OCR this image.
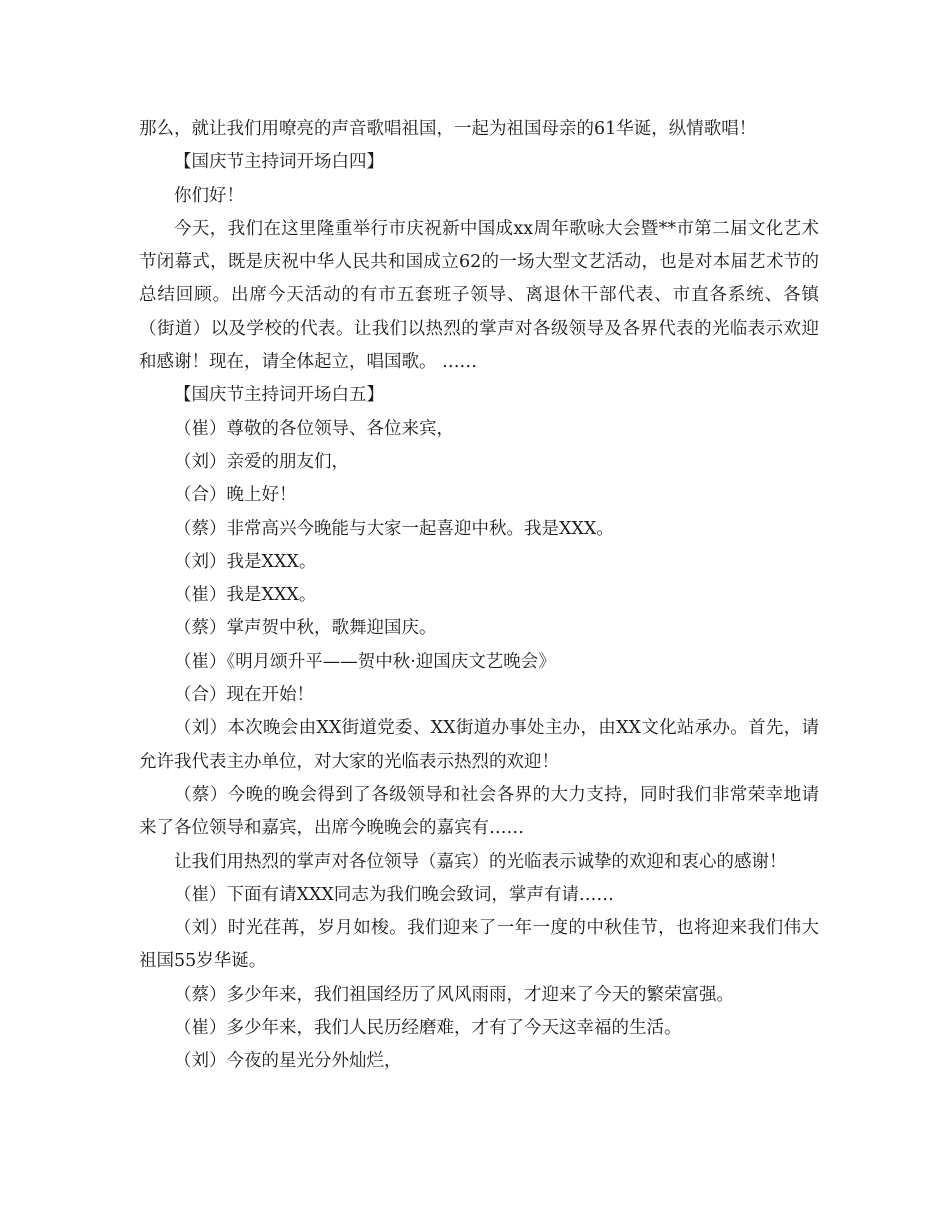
那么，就让我们用嘹亮的声音歌唱祖国，一起为祖国母亲的61华诞，纵情歌唱！

【国庆节主持词开场白四】

你们好！

今天，我们在这里隆重举行市庆祝新中国成xx周年歌咏大会暨**市第二届文化艺术节闭幕式，既是庆祝中华人民共和国成立62的一场大型文艺活动，也是对本届艺术节的总结回顾。出席今天活动的有市五套班子领导、离退休干部代表、市直各系统、各镇（街道）以及学校的代表。让我们以热烈的掌声对各级领导及各界代表的光临表示欢迎和感谢！现在，请全体起立，唱国歌。 ……

【国庆节主持词开场白五】

（崔）尊敬的各位领导、各位来宾，

（刘）亲爱的朋友们，

（合）晚上好！

（蔡）非常高兴今晚能与大家一起喜迎中秋。我是XXX。

（刘）我是XXX。

（崔）我是XXX。

（蔡）掌声贺中秋，歌舞迎国庆。

（崔）《明月颂升平——贺中秋·迎国庆文艺晚会》

（合）现在开始！

（刘）本次晚会由XX街道党委、XX街道办事处主办，由XX文化站承办。首先，请允许我代表主办单位，对大家的光临表示热烈的欢迎！

（蔡）今晚的晚会得到了各级领导和社会各界的大力支持，同时我们非常荣幸地请来了各位领导和嘉宾，出席今晚晚会的嘉宾有……

让我们用热烈的掌声对各位领导（嘉宾）的光临表示诚挚的欢迎和衷心的感谢！

（崔）下面有请XXX同志为我们晚会致词，掌声有请……

（刘）时光荏苒，岁月如梭。我们迎来了一年一度的中秋佳节，也将迎来我们伟大祖国55岁华诞。

（蔡）多少年来，我们祖国经历了风风雨雨，才迎来了今天的繁荣富强。

（崔）多少年来，我们人民历经磨难，才有了今天这幸福的生活。

（刘）今夜的星光分外灿烂，
